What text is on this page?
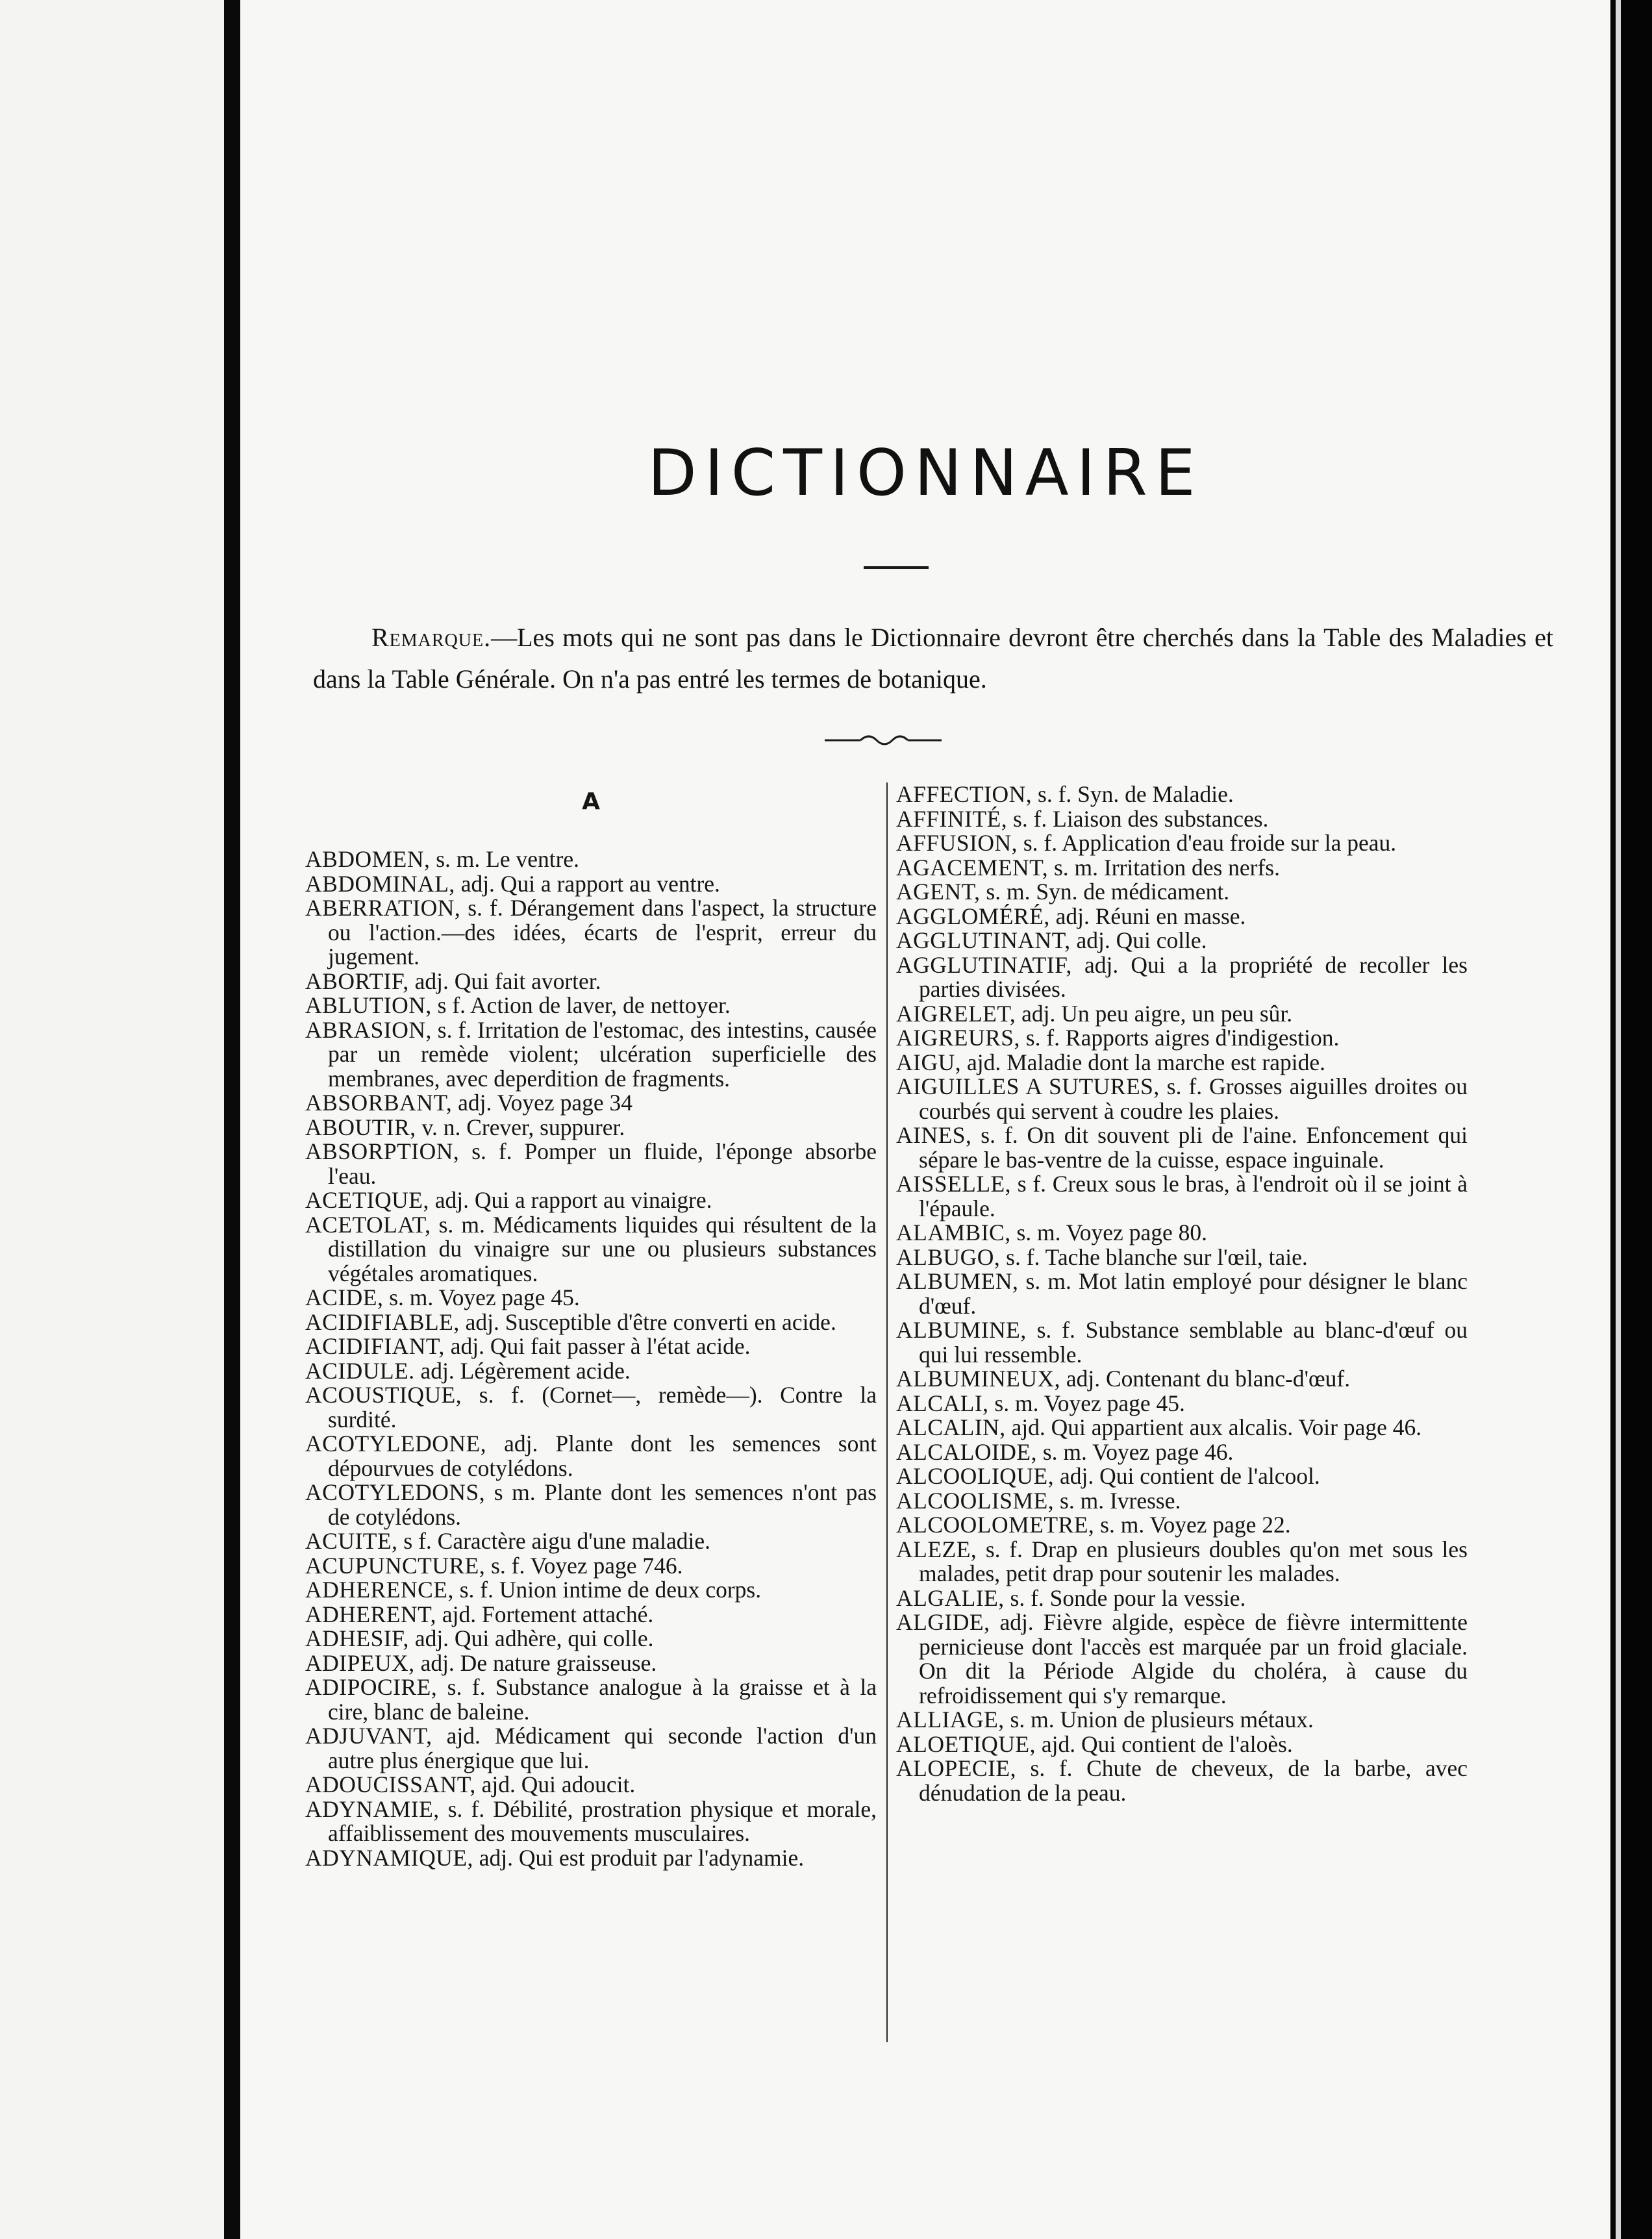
DICTIONNAIRE
Remarque.—Les mots qui ne sont pas dans le Dictionnaire devront être cherchés dans la Table des Maladies et dans la Table Générale. On n'a pas entré les termes de botanique.
A
ABDOMEN, s. m. Le ventre.
ABDOMINAL, adj. Qui a rapport au ventre.
ABERRATION, s. f. Dérangement dans l'aspect, la structure ou l'action.—des idées, écarts de l'esprit, erreur du jugement.
ABORTIF, adj. Qui fait avorter.
ABLUTION, s f. Action de laver, de nettoyer.
ABRASION, s. f. Irritation de l'estomac, des intestins, causée par un remède violent; ulcération superficielle des membranes, avec deperdition de fragments.
ABSORBANT, adj. Voyez page 34
ABOUTIR, v. n. Crever, suppurer.
ABSORPTION, s. f. Pomper un fluide, l'éponge absorbe l'eau.
ACETIQUE, adj. Qui a rapport au vinaigre.
ACETOLAT, s. m. Médicaments liquides qui résultent de la distillation du vinaigre sur une ou plusieurs substances végétales aromatiques.
ACIDE, s. m. Voyez page 45.
ACIDIFIABLE, adj. Susceptible d'être converti en acide.
ACIDIFIANT, adj. Qui fait passer à l'état acide.
ACIDULE. adj. Légèrement acide.
ACOUSTIQUE, s. f. (Cornet—, remède—). Contre la surdité.
ACOTYLEDONE, adj. Plante dont les semences sont dépourvues de cotylédons.
ACOTYLEDONS, s m. Plante dont les semences n'ont pas de cotylédons.
ACUITE, s f. Caractère aigu d'une maladie.
ACUPUNCTURE, s. f. Voyez page 746.
ADHERENCE, s. f. Union intime de deux corps.
ADHERENT, ajd. Fortement attaché.
ADHESIF, adj. Qui adhère, qui colle.
ADIPEUX, adj. De nature graisseuse.
ADIPOCIRE, s. f. Substance analogue à la graisse et à la cire, blanc de baleine.
ADJUVANT, ajd. Médicament qui seconde l'action d'un autre plus énergique que lui.
ADOUCISSANT, ajd. Qui adoucit.
ADYNAMIE, s. f. Débilité, prostration physique et morale, affaiblissement des mouvements musculaires.
ADYNAMIQUE, adj. Qui est produit par l'adynamie.
AFFECTION, s. f. Syn. de Maladie.
AFFINITÉ, s. f. Liaison des substances.
AFFUSION, s. f. Application d'eau froide sur la peau.
AGACEMENT, s. m. Irritation des nerfs.
AGENT, s. m. Syn. de médicament.
AGGLOMÉRÉ, adj. Réuni en masse.
AGGLUTINANT, adj. Qui colle.
AGGLUTINATIF, adj. Qui a la propriété de recoller les parties divisées.
AIGRELET, adj. Un peu aigre, un peu sûr.
AIGREURS, s. f. Rapports aigres d'indigestion.
AIGU, ajd. Maladie dont la marche est rapide.
AIGUILLES A SUTURES, s. f. Grosses aiguilles droites ou courbés qui servent à coudre les plaies.
AINES, s. f. On dit souvent pli de l'aine. Enfoncement qui sépare le bas-ventre de la cuisse, espace inguinale.
AISSELLE, s f. Creux sous le bras, à l'endroit où il se joint à l'épaule.
ALAMBIC, s. m. Voyez page 80.
ALBUGO, s. f. Tache blanche sur l'œil, taie.
ALBUMEN, s. m. Mot latin employé pour désigner le blanc d'œuf.
ALBUMINE, s. f. Substance semblable au blanc-d'œuf ou qui lui ressemble.
ALBUMINEUX, adj. Contenant du blanc-d'œuf.
ALCALI, s. m. Voyez page 45.
ALCALIN, ajd. Qui appartient aux alcalis. Voir page 46.
ALCALOIDE, s. m. Voyez page 46.
ALCOOLIQUE, adj. Qui contient de l'alcool.
ALCOOLISME, s. m. Ivresse.
ALCOOLOMETRE, s. m. Voyez page 22.
ALEZE, s. f. Drap en plusieurs doubles qu'on met sous les malades, petit drap pour soutenir les malades.
ALGALIE, s. f. Sonde pour la vessie.
ALGIDE, adj. Fièvre algide, espèce de fièvre intermittente pernicieuse dont l'accès est marquée par un froid glaciale. On dit la Période Algide du choléra, à cause du refroidissement qui s'y remarque.
ALLIAGE, s. m. Union de plusieurs métaux.
ALOETIQUE, ajd. Qui contient de l'aloès.
ALOPECIE, s. f. Chute de cheveux, de la barbe, avec dénudation de la peau.
